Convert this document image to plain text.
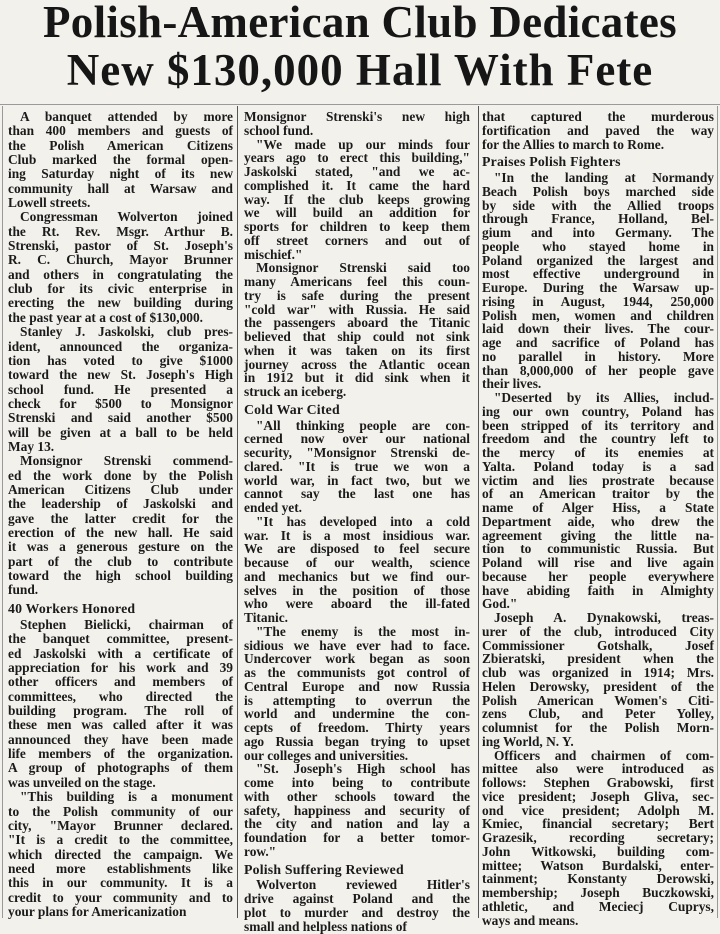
Polish-American Club Dedicates
New $130,000 Hall With Fete
A banquet attended by more
than 400 members and guests of
the Polish American Citizens
Club marked the formal open-
ing Saturday night of its new
community hall at Warsaw and
Lowell streets.
Congressman Wolverton joined
the Rt. Rev. Msgr. Arthur B.
Strenski, pastor of St. Joseph's
R. C. Church, Mayor Brunner
and others in congratulating the
club for its civic enterprise in
erecting the new building during
the past year at a cost of $130,000.
Stanley J. Jaskolski, club pres-
ident, announced the organiza-
tion has voted to give $1000
toward the new St. Joseph's High
school fund. He presented a
check for $500 to Monsignor
Strenski and said another $500
will be given at a ball to be held
May 13.
Monsignor Strenski commend-
ed the work done by the Polish
American Citizens Club under
the leadership of Jaskolski and
gave the latter credit for the
erection of the new hall. He said
it was a generous gesture on the
part of the club to contribute
toward the high school building
fund.
40 Workers Honored
Stephen Bielicki, chairman of
the banquet committee, present-
ed Jaskolski with a certificate of
appreciation for his work and 39
other officers and members of
committees, who directed the
building program. The roll of
these men was called after it was
announced they have been made
life members of the organization.
A group of photographs of them
was unveiled on the stage.
"This building is a monument
to the Polish community of our
city, "Mayor Brunner declared.
"It is a credit to the committee,
which directed the campaign. We
need more establishments like
this in our community. It is a
credit to your community and to
your plans for Americanization
Monsignor Strenski's new high
school fund.
"We made up our minds four
years ago to erect this building,"
Jaskolski stated, "and we ac-
complished it. It came the hard
way. If the club keeps growing
we will build an addition for
sports for children to keep them
off street corners and out of
mischief."
Monsignor Strenski said too
many Americans feel this coun-
try is safe during the present
"cold war" with Russia. He said
the passengers aboard the Titanic
believed that ship could not sink
when it was taken on its first
journey across the Atlantic ocean
in 1912 but it did sink when it
struck an iceberg.
Cold War Cited
"All thinking people are con-
cerned now over our national
security, "Monsignor Strenski de-
clared. "It is true we won a
world war, in fact two, but we
cannot say the last one has
ended yet.
"It has developed into a cold
war. It is a most insidious war.
We are disposed to feel secure
because of our wealth, science
and mechanics but we find our-
selves in the position of those
who were aboard the ill-fated
Titanic.
"The enemy is the most in-
sidious we have ever had to face.
Undercover work began as soon
as the communists got control of
Central Europe and now Russia
is attempting to overrun the
world and undermine the con-
cepts of freedom. Thirty years
ago Russia began trying to upset
our colleges and universities.
"St. Joseph's High school has
come into being to contribute
with other schools toward the
safety, happiness and security of
the city and nation and lay a
foundation for a better tomor-
row."
Polish Suffering Reviewed
Wolverton reviewed Hitler's
drive against Poland and the
plot to murder and destroy the
small and helpless nations of
that captured the murderous
fortification and paved the way
for the Allies to march to Rome.
Praises Polish Fighters
"In the landing at Normandy
Beach Polish boys marched side
by side with the Allied troops
through France, Holland, Bel-
gium and into Germany. The
people who stayed home in
Poland organized the largest and
most effective underground in
Europe. During the Warsaw up-
rising in August, 1944, 250,000
Polish men, women and children
laid down their lives. The cour-
age and sacrifice of Poland has
no parallel in history. More
than 8,000,000 of her people gave
their lives.
"Deserted by its Allies, includ-
ing our own country, Poland has
been stripped of its territory and
freedom and the country left to
the mercy of its enemies at
Yalta. Poland today is a sad
victim and lies prostrate because
of an American traitor by the
name of Alger Hiss, a State
Department aide, who drew the
agreement giving the little na-
tion to communistic Russia. But
Poland will rise and live again
because her people everywhere
have abiding faith in Almighty
God."
Joseph A. Dynakowski, treas-
urer of the club, introduced City
Commissioner Gotshalk, Josef
Zbieratski, president when the
club was organized in 1914; Mrs.
Helen Derowsky, president of the
Polish American Women's Citi-
zens Club, and Peter Yolley,
columnist for the Polish Morn-
ing World, N. Y.
Officers and chairmen of com-
mittee also were introduced as
follows: Stephen Grabowski, first
vice president; Joseph Gliva, sec-
ond vice president; Adolph M.
Kmiec, financial secretary; Bert
Grazesik, recording secretary;
John Witkowski, building com-
mittee; Watson Burdalski, enter-
tainment; Konstanty Derowski,
membership; Joseph Buczkowski,
athletic, and Meciecj Cuprys,
ways and means.
